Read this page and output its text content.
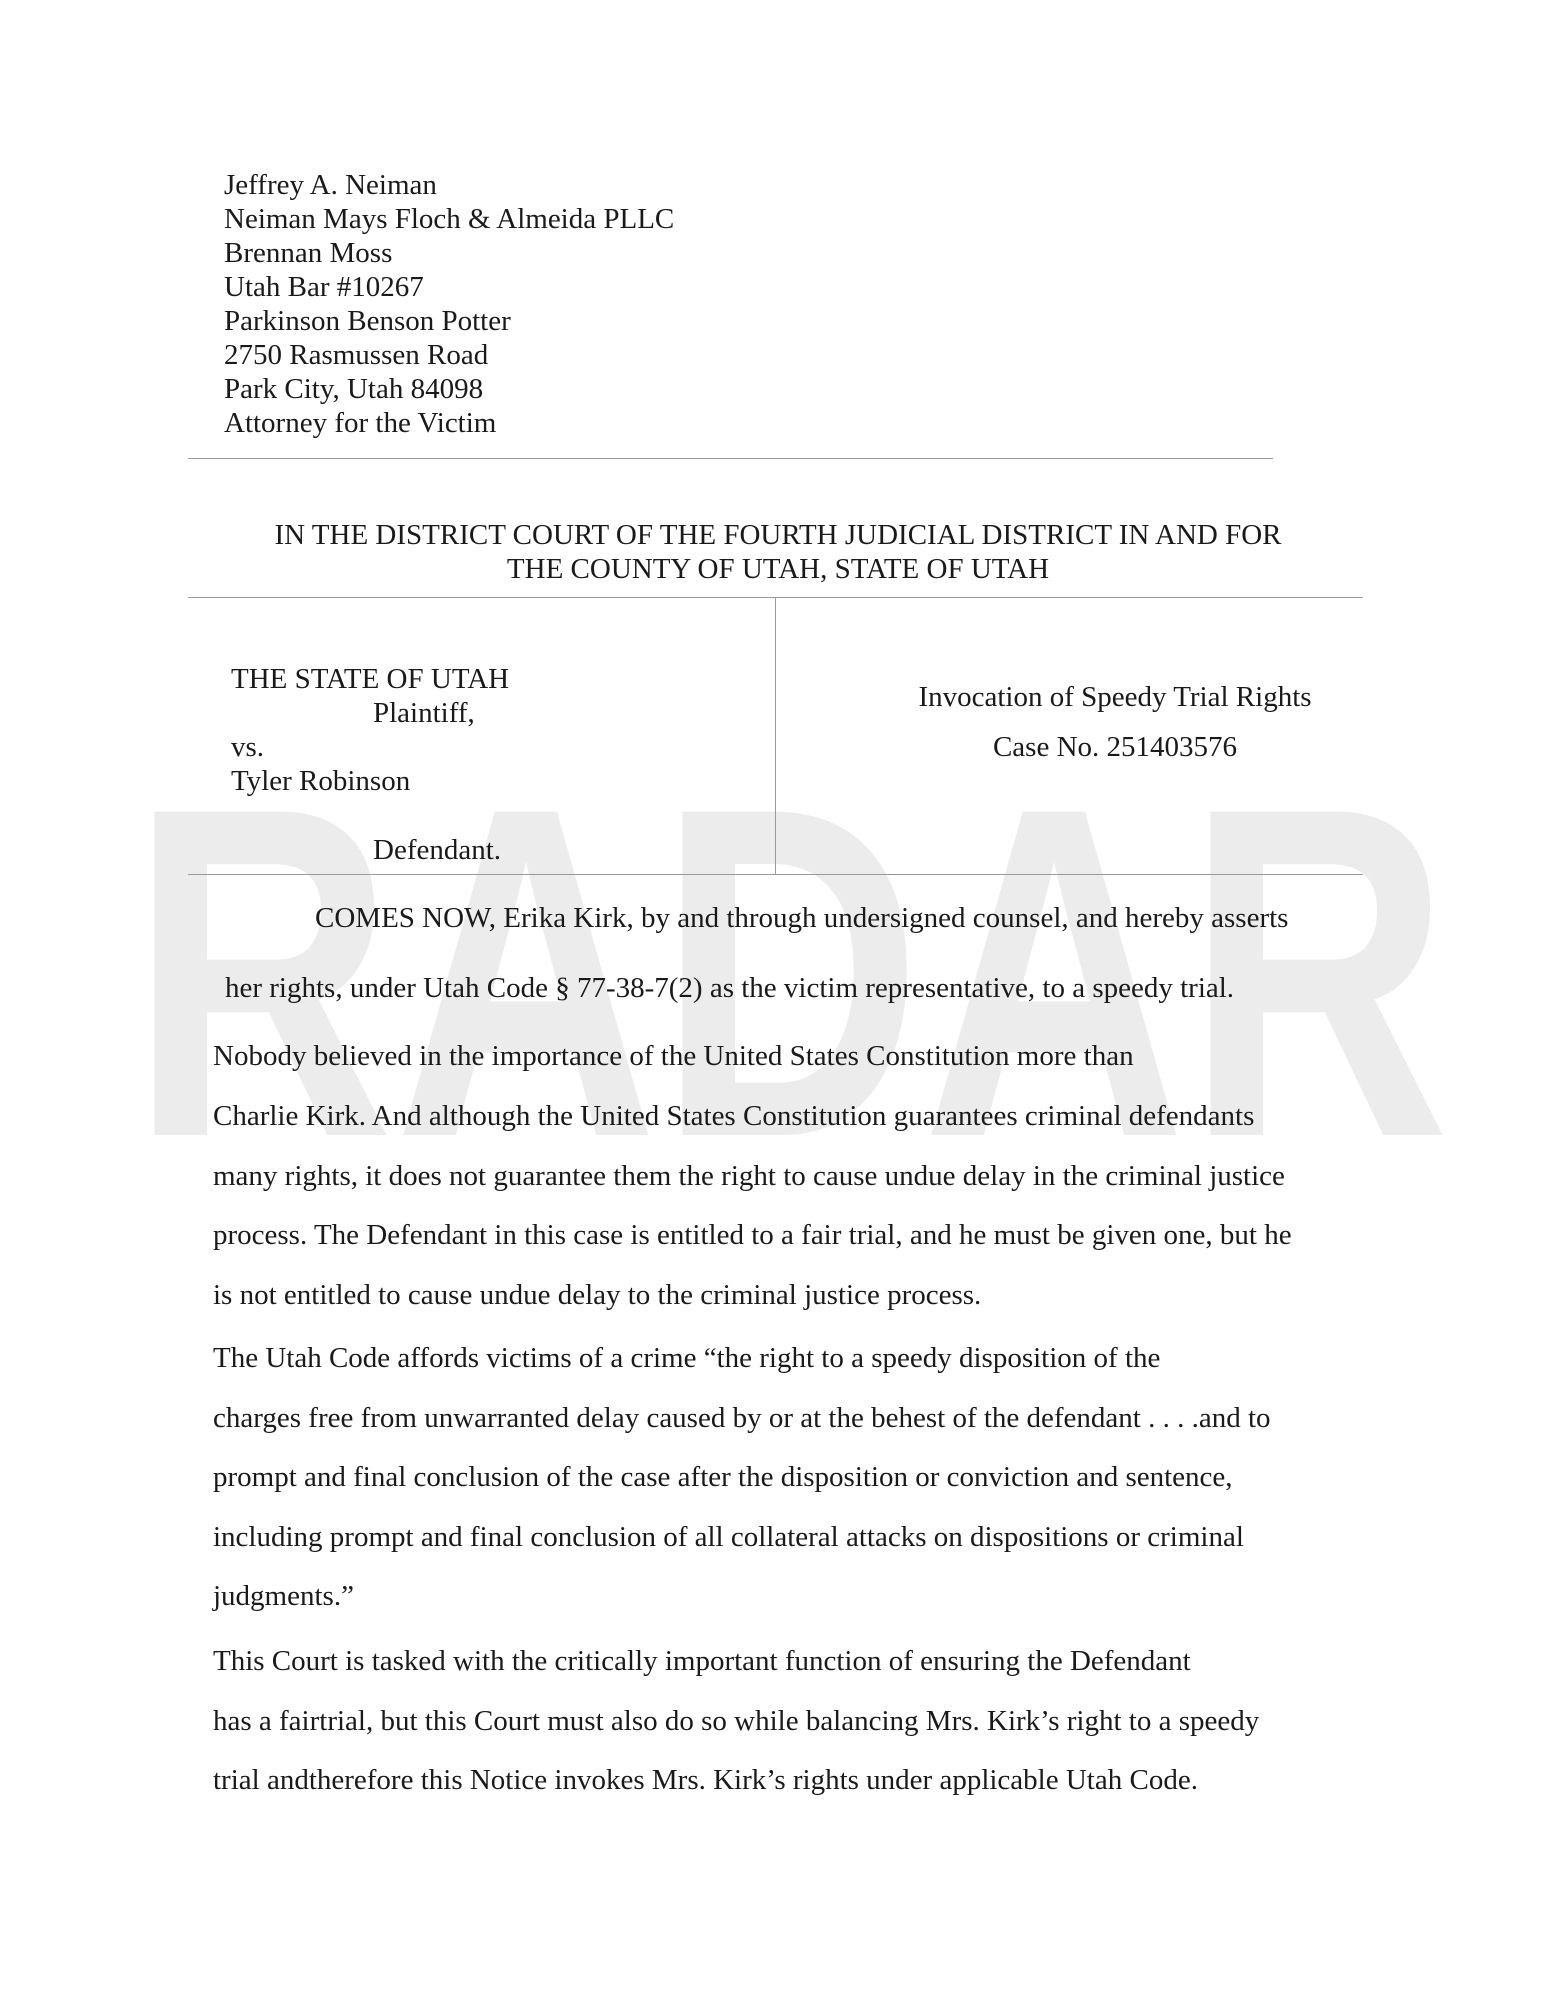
RADAR
Jeffrey A. Neiman
Neiman Mays Floch & Almeida PLLC
Brennan Moss
Utah Bar #10267
Parkinson Benson Potter
2750 Rasmussen Road
Park City, Utah 84098
Attorney for the Victim
IN THE DISTRICT COURT OF THE FOURTH JUDICIAL DISTRICT IN AND FOR
THE COUNTY OF UTAH, STATE OF UTAH
THE STATE OF UTAH
Plaintiff,
vs.
Tyler Robinson
Defendant.
Invocation of Speedy Trial Rights
Case No. 251403576
COMES NOW, Erika Kirk, by and through undersigned counsel, and hereby asserts
her rights, under Utah Code § 77-38-7(2) as the victim representative, to a speedy trial.
Nobody believed in the importance of the United States Constitution more than
Charlie Kirk. And although the United States Constitution guarantees criminal defendants
many rights, it does not guarantee them the right to cause undue delay in the criminal justice
process. The Defendant in this case is entitled to a fair trial, and he must be given one, but he
is not entitled to cause undue delay to the criminal justice process.
The Utah Code affords victims of a crime “the right to a speedy disposition of the
charges free from unwarranted delay caused by or at the behest of the defendant . . . .and to
prompt and final conclusion of the case after the disposition or conviction and sentence,
including prompt and final conclusion of all collateral attacks on dispositions or criminal
judgments.”
This Court is tasked with the critically important function of ensuring the Defendant
has a fairtrial, but this Court must also do so while balancing Mrs. Kirk’s right to a speedy
trial andtherefore this Notice invokes Mrs. Kirk’s rights under applicable Utah Code.
